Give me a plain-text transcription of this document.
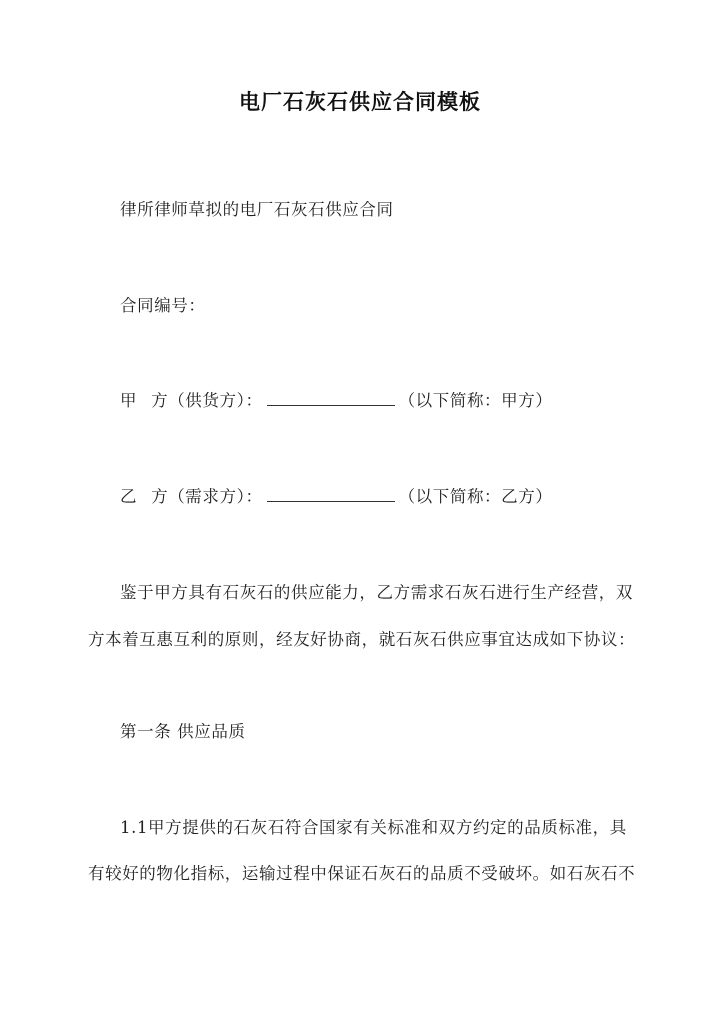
电厂石灰石供应合同模板
律所律师草拟的电厂石灰石供应合同
合同编号：
甲 方（供货方）：	（以下简称：甲方）
乙 方（需求方）：	（以下简称：乙方）
鉴于甲方具有石灰石的供应能力，乙方需求石灰石进行生产经营，双
方本着互惠互利的原则，经友好协商，就石灰石供应事宜达成如下协议：
第一条 供应品质
1.1甲方提供的石灰石符合国家有关标准和双方约定的品质标准，具
有较好的物化指标，运输过程中保证石灰石的品质不受破坏。如石灰石不
